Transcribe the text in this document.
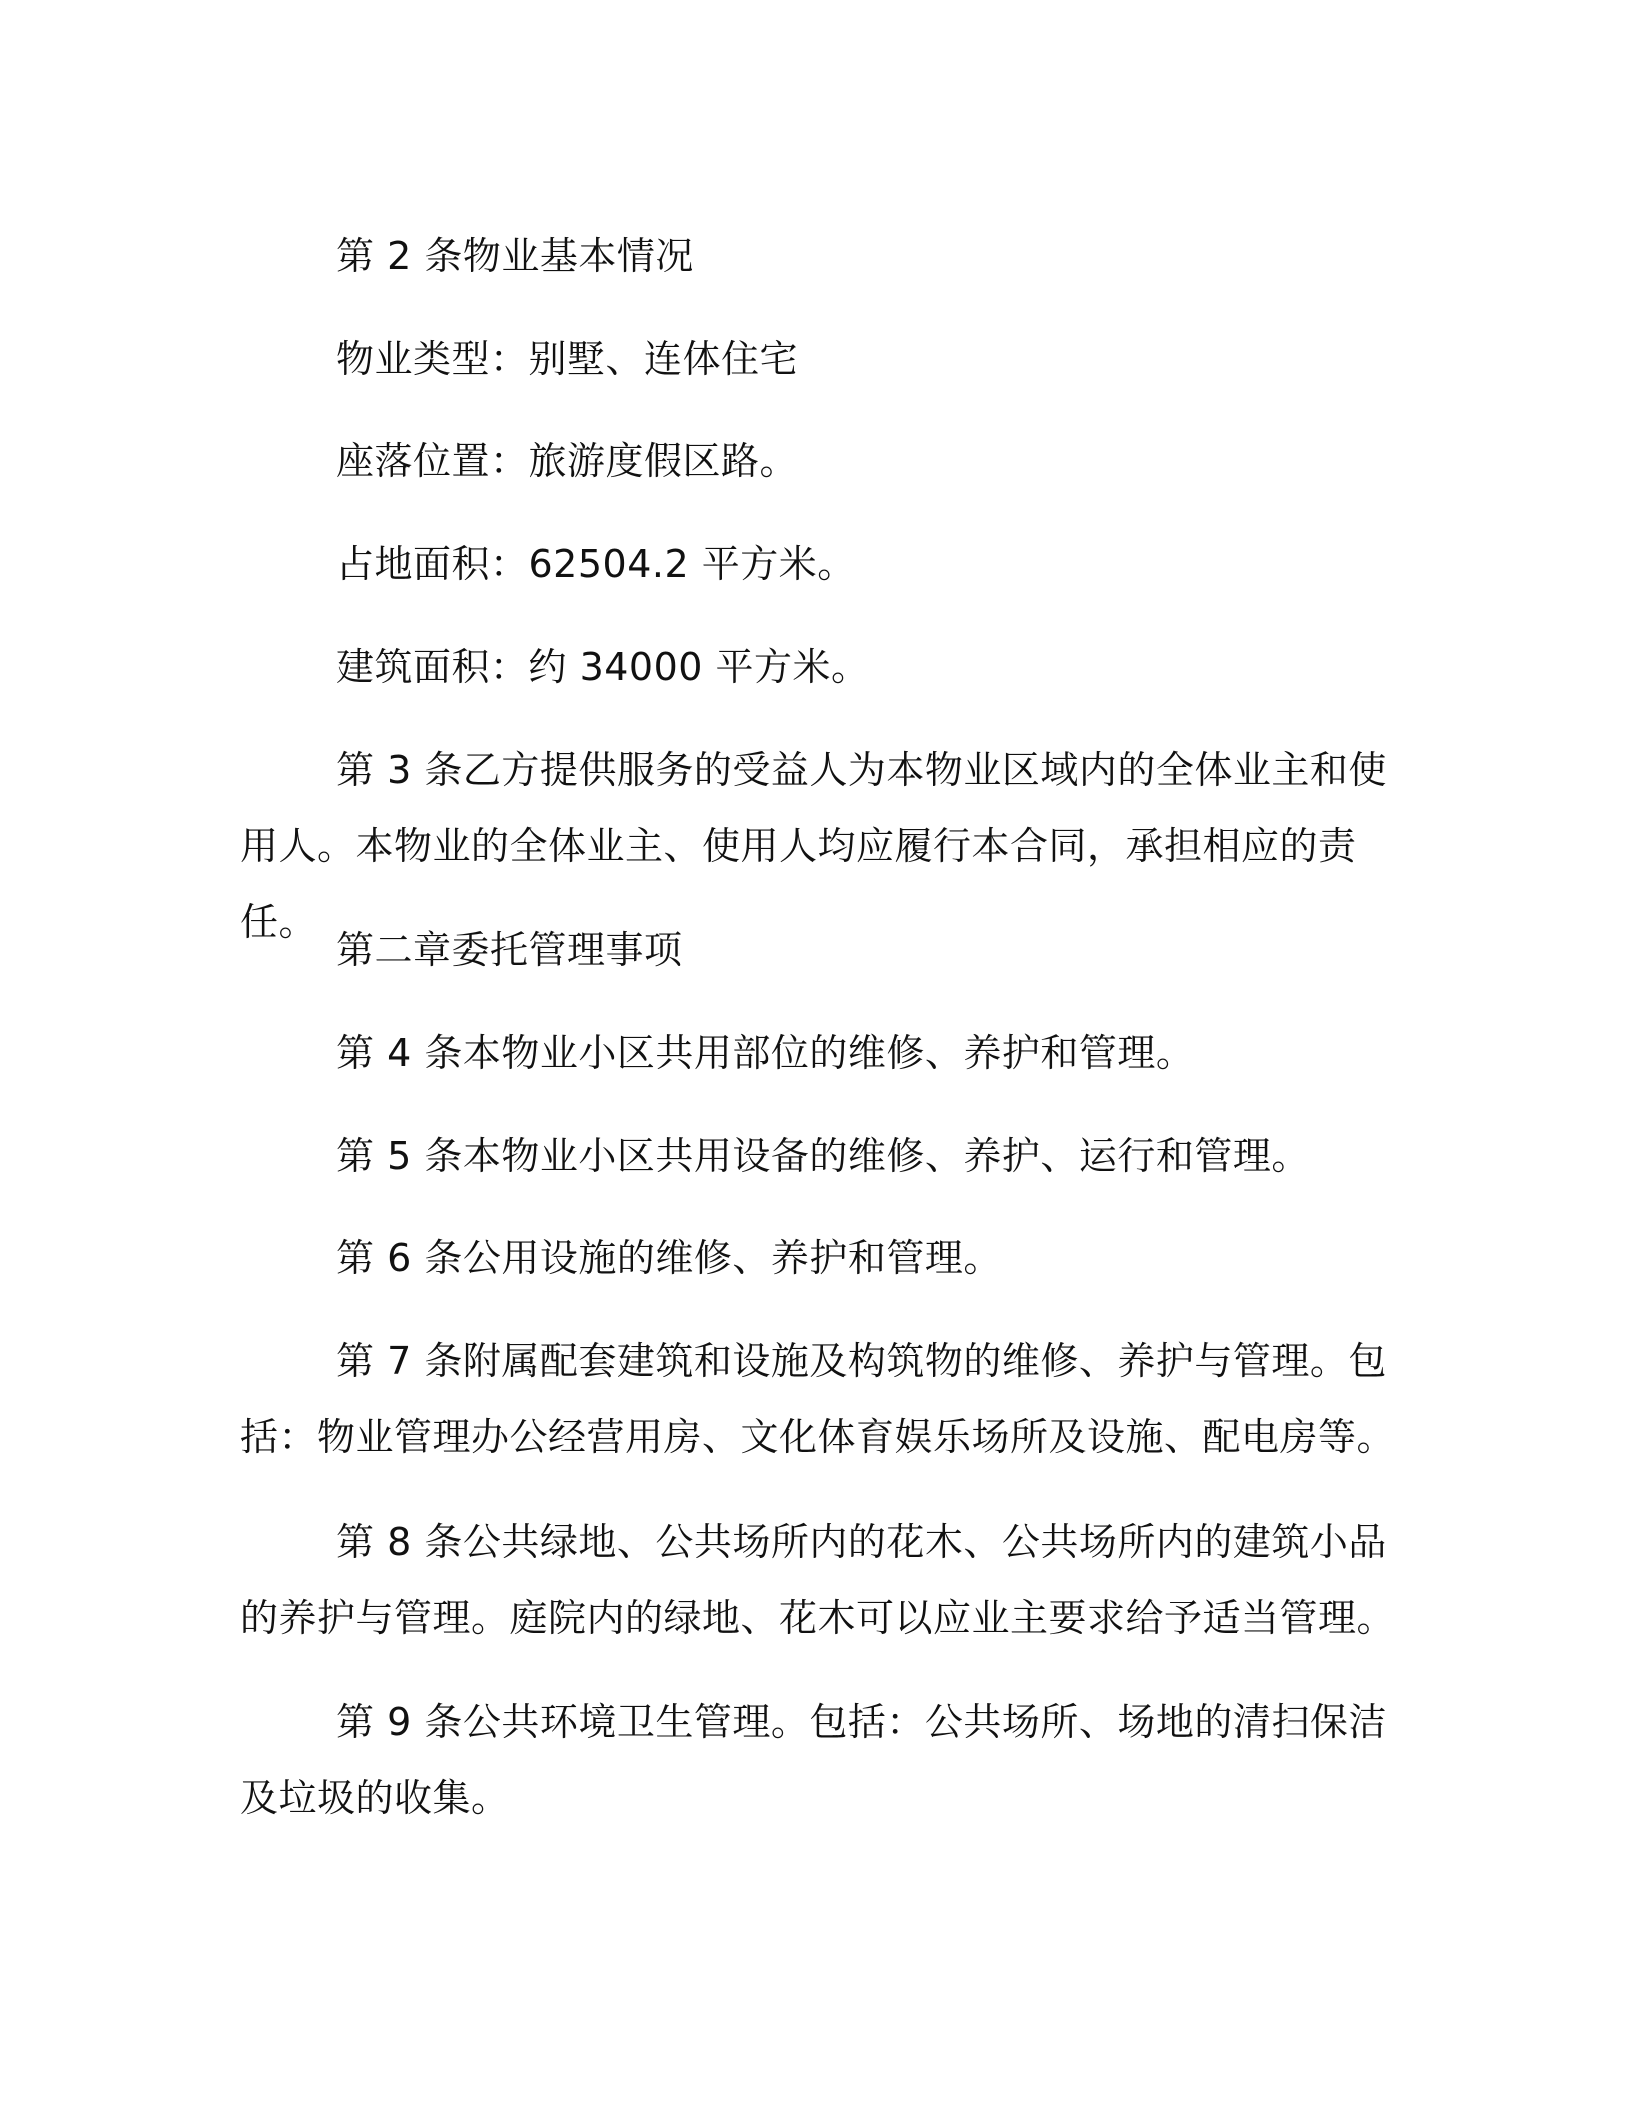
第 2 条物业基本情况

物业类型：别墅、连体住宅

座落位置：旅游度假区路。

占地面积：62504.2 平方米。

建筑面积：约 34000 平方米。

第 3 条乙方提供服务的受益人为本物业区域内的全体业主和使用人。本物业的全体业主、使用人均应履行本合同，承担相应的责任。

第二章委托管理事项

第 4 条本物业小区共用部位的维修、养护和管理。

第 5 条本物业小区共用设备的维修、养护、运行和管理。

第 6 条公用设施的维修、养护和管理。

第 7 条附属配套建筑和设施及构筑物的维修、养护与管理。包括：物业管理办公经营用房、文化体育娱乐场所及设施、配电房等。

第 8 条公共绿地、公共场所内的花木、公共场所内的建筑小品的养护与管理。庭院内的绿地、花木可以应业主要求给予适当管理。

第 9 条公共环境卫生管理。包括：公共场所、场地的清扫保洁及垃圾的收集。
